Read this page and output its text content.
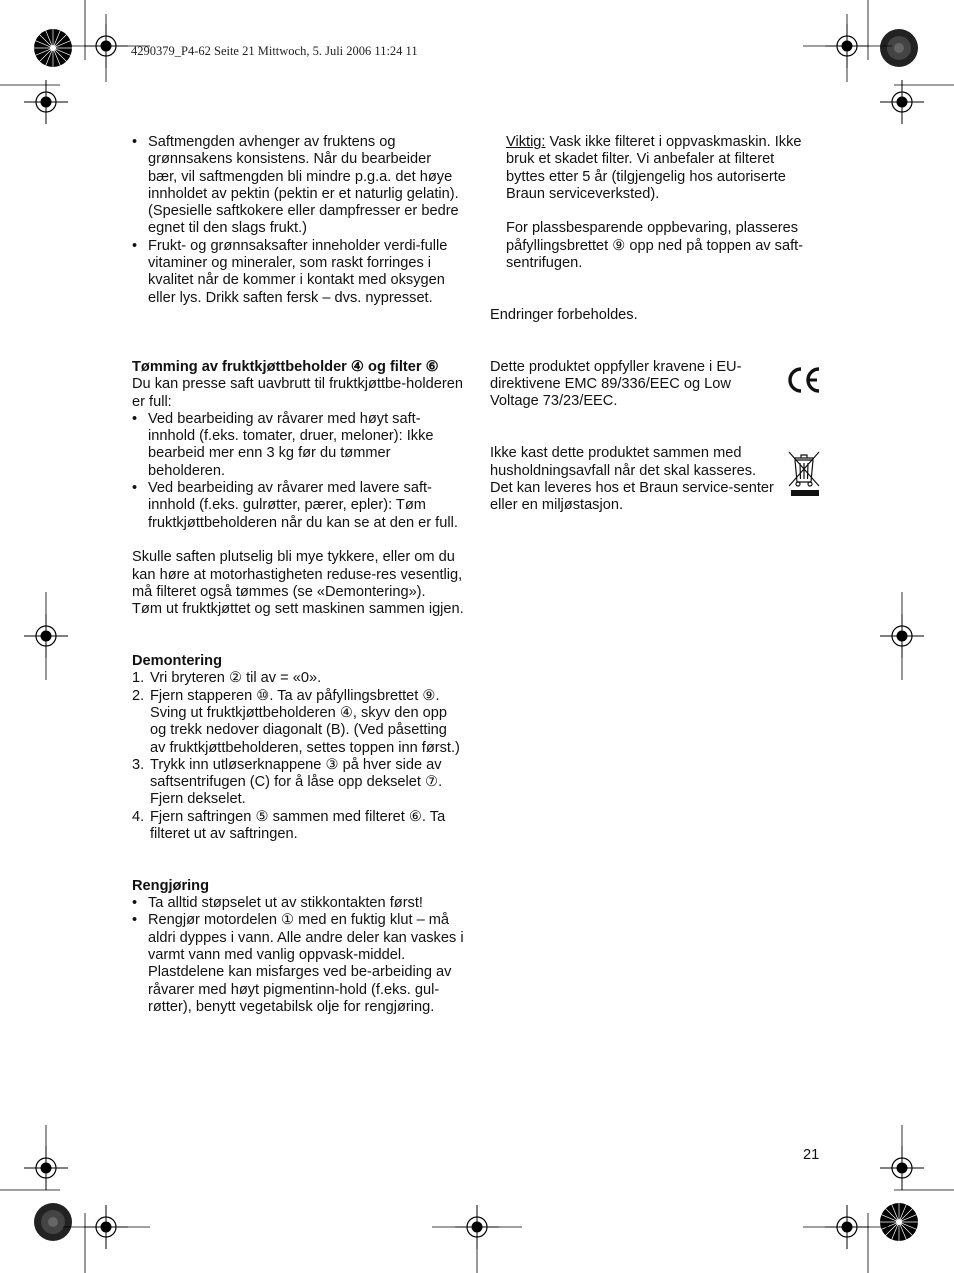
4290379_P4-62 Seite 21 Mittwoch, 5. Juli 2006 11:24 11
• Saftmengden avhenger av fruktens og grønnsakens konsistens. Når du bearbeider bær, vil saftmengden bli mindre p.g.a. det høye innholdet av pektin (pektin er et naturlig gelatin).

(Spesielle saftkokere eller dampfresser er bedre egnet til den slags frukt.)

• Frukt- og grønnsaksafter inneholder verdi-fulle vitaminer og mineraler, som raskt forringes i kvalitet når de kommer i kontakt med oksygen eller lys. Drikk saften fersk – dvs. nypresset.
Tømming av fruktkjøttbeholder ④ og filter ⑥

Du kan presse saft uavbrutt til fruktkjøttbe-holderen er full:

• Ved bearbeiding av råvarer med høyt saft-innhold (f.eks. tomater, druer, meloner): Ikke bearbeid mer enn 3 kg før du tømmer beholderen.
• Ved bearbeiding av råvarer med lavere saft-innhold (f.eks. gulrøtter, pærer, epler): Tøm fruktkjøttbeholderen når du kan se at den er full.

Skulle saften plutselig bli mye tykkere, eller om du kan høre at motorhastigheten reduse-res vesentlig, må filteret også tømmes (se «Demontering»).

Tøm ut fruktkjøttet og sett maskinen sammen igjen.

Demontering
1. Vri bryteren ② til av = «0».
2. Fjern stapperen ⑩. Ta av påfyllingsbrettet ⑨. Sving ut fruktkjøttbeholderen ④, skyv den opp og trekk nedover diagonalt (B). (Ved påsetting av fruktkjøttbeholderen, settes toppen inn først.)
3. Trykk inn utløserknappene ③ på hver side av saftsentrifugen (C) for å låse opp dekselet ⑦. Fjern dekselet.
4. Fjern saftringen ⑤ sammen med filteret ⑥. Ta filteret ut av saftringen.
Rengjøring
• Ta alltid støpselet ut av stikkontakten først!
• Rengjør motordelen ① med en fuktig klut – må aldri dyppes i vann. Alle andre deler kan vaskes i varmt vann med vanlig oppvask-middel. Plastdelene kan misfarges ved be-arbeiding av råvarer med høyt pigmentinn-hold (f.eks. gul-røtter), benytt vegetabilsk olje for rengjøring.

Viktig: Vask ikke filteret i oppvaskmaskin. Ikke bruk et skadet filter. Vi anbefaler at filteret byttes etter 5 år (tilgjengelig hos autoriserte Braun serviceverksted).

For plassbesparende oppbevaring, plasseres påfyllingsbrettet ⑨ opp ned på toppen av saft-sentrifugen.

Endringer forbeholdes.

Dette produktet oppfyller kravene i EU-direktivene EMC 89/336/EEC og Low Voltage 73/23/EEC.

Ikke kast dette produktet sammen med husholdningsavfall når det skal kasseres. Det kan leveres hos et Braun service-senter eller en miljøstasjon.

21
